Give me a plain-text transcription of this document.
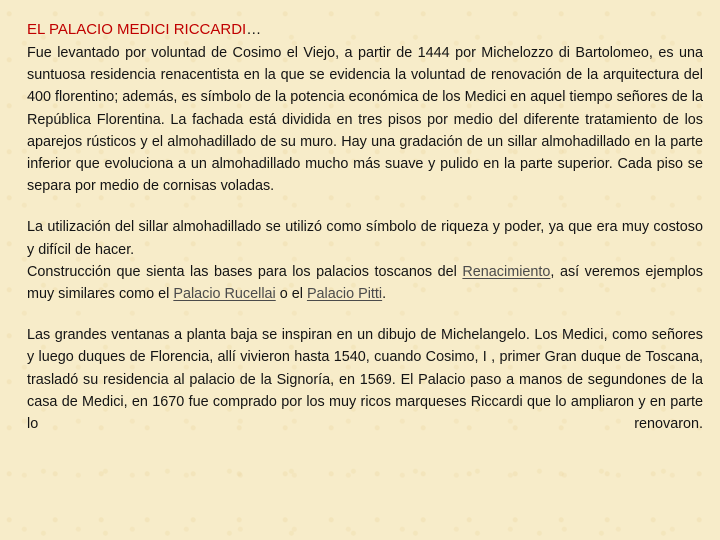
EL PALACIO MEDICI RICCARDI…

Fue levantado por voluntad de Cosimo el Viejo, a partir de 1444 por Michelozzo di Bartolomeo, es una suntuosa residencia renacentista en la que se evidencia la voluntad de renovación de la arquitectura del 400 florentino; además, es símbolo de la potencia económica de los Medici en aquel tiempo señores de la República Florentina. La fachada está dividida en tres pisos por medio del diferente tratamiento de los aparejos rústicos y el almohadillado de su muro. Hay una gradación de un sillar almohadillado en la parte inferior que evoluciona a un almohadillado mucho más suave y pulido en la parte superior. Cada piso se separa por medio de cornisas voladas.

La utilización del sillar almohadillado se utilizó como símbolo de riqueza y poder, ya que era muy costoso y difícil de hacer.

Construcción que sienta las bases para los palacios toscanos del Renacimiento, así veremos ejemplos muy similares como el Palacio Rucellai o el Palacio Pitti.

Las grandes ventanas a planta baja se inspiran en un dibujo de Michelangelo. Los Medici, como señores y luego duques de Florencia, allí vivieron hasta 1540, cuando Cosimo, I , primer Gran duque de Toscana, trasladó su residencia al palacio de la Signoría, en 1569. El Palacio paso a manos de segundones de la casa de Medici, en 1670 fue comprado por los muy ricos marqueses Riccardi que lo ampliaron y en parte lo renovaron.
